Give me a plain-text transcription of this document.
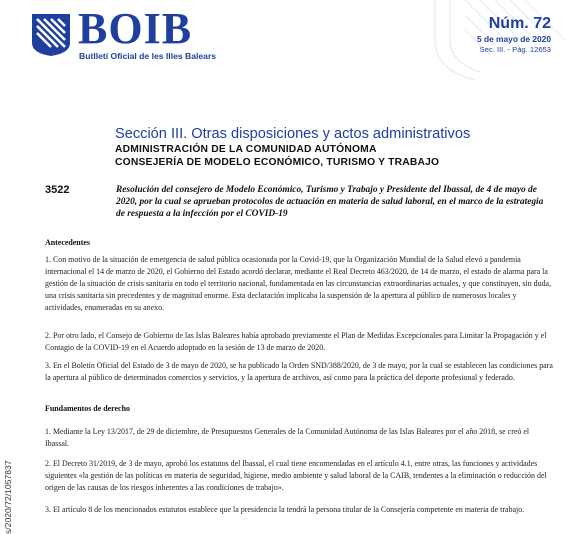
BOIB
Butlletí Oficial de les Illes Balears
Núm. 72
5 de mayo de 2020
Sec. III. - Pàg. 12653
Sección III. Otras disposiciones y actos administrativos
ADMINISTRACIÓN DE LA COMUNIDAD AUTÓNOMA
CONSEJERÍA DE MODELO ECONÓMICO, TURISMO Y TRABAJO
3522	Resolución del consejero de Modelo Económico, Turismo y Trabajo y Presidente del Ibassal, de 4 de mayo de 2020, por la cual se aprueban protocolos de actuación en materia de salud laboral, en el marco de la estrategia de respuesta a la infección por el COVID-19
Antecedentes
1. Con motivo de la situación de emergencia de salud pública ocasionada por la Covid-19, que la Organización Mundial de la Salud elevó a pandemia internacional el 14 de marzo de 2020, el Gobierno del Estado acordó declarar, mediante el Real Decreto 463/2020, de 14 de marzo, el estado de alarma para la gestión de la situación de crisis sanitaria en todo el territorio nacional, fundamentada en las circunstancias extraordinarias actuales, y que constituyen, sin duda, una crisis sanitaria sin precedentes y de magnitud enorme. Esta declaración implicaba la suspensión de la apertura al público de numerosos locales y actividades, enumeradas en su anexo.
2. Por otro lado, el Consejo de Gobierno de las Islas Baleares había aprobado previamente el Plan de Medidas Excepcionales para Limitar la Propagación y el Contagio de la COVID-19 en el Acuerdo adoptado en la sesión de 13 de marzo de 2020.
3. En el Boletín Oficial del Estado de 3 de mayo de 2020, se ha publicado la Orden SND/388/2020, de 3 de mayo, por la cual se establecen las condiciones para la apertura al público de determinados comercios y servicios, y la apertura de archivos, así como para la práctica del deporte profesional y federado.
Fundamentos de derecho
1. Mediante la Ley 13/2017, de 29 de diciembre, de Presupuestos Generales de la Comunidad Autónoma de las Islas Baleares por el año 2018, se creó el Ibassal.
2. El Decreto 31/2019, de 3 de mayo, aprobó los estatutos del Ibassal, el cual tiene encomendadas en el artículo 4.1, entre otras, las funciones y actividades siguientes «la gestión de las políticas en materia de seguridad, higiene, medio ambiente y salud laboral de la CAIB, tendentes a la eliminación o reducción del origen de las causas de los riesgos inherentes a las condiciones de trabajo».
3. El artículo 8 de los mencionados estatutos establece que la presidencia la tendrá la persona titular de la Consejería competente en materia de trabajo.
s/2020/72/1057837
